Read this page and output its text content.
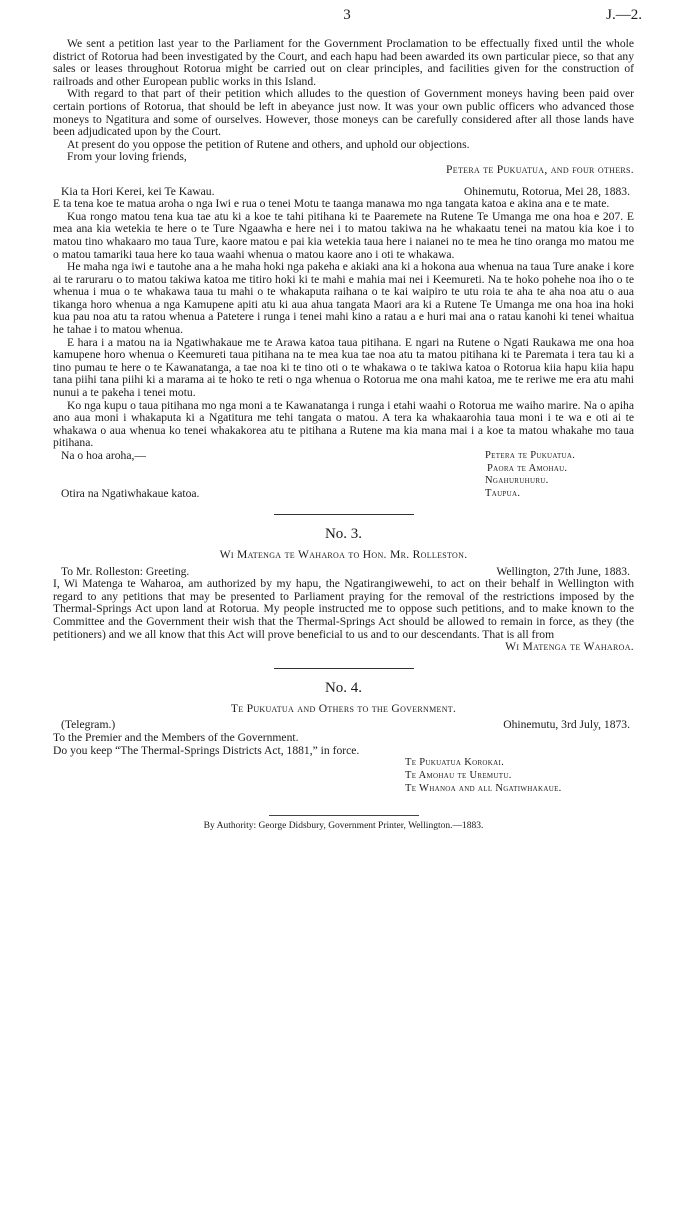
3	J.—2.

We sent a petition last year to the Parliament for the Government Proclamation to be effectually fixed until the whole district of Rotorua had been investigated by the Court, and each hapu had been awarded its own particular piece, so that any sales or leases throughout Rotorua might be carried out on clear principles, and facilities given for the construction of railroads and other European public works in this Island.

With regard to that part of their petition which alludes to the question of Government moneys having been paid over certain portions of Rotorua, that should be left in abeyance just now. It was your own public officers who advanced those moneys to Ngatitura and some of ourselves. However, those moneys can be carefully considered after all those lands have been adjudicated upon by the Court.

At present do you oppose the petition of Rutene and others, and uphold our objections.

From your loving friends,

Petera te Pukuatua, and four others.

Kia ta Hori Kerei, kei Te Kawau.	Ohinemutu, Rotorua, Mei 28, 1883.

E ta tena koe te matua aroha o nga Iwi e rua o tenei Motu te taanga manawa mo nga tangata katoa e akina ana e te mate.

Kua rongo matou tena kua tae atu ki a koe te tahi pitihana ki te Paaremete na Rutene Te Umanga me ona hoa e 207. E mea ana kia wetekia te here o te Ture Ngaawha e here nei i to matou takiwa na he whakaatu tenei na matou kia koe i to matou tino whakaaro mo taua Ture, kaore matou e pai kia wetekia taua here i naianei no te mea he tino oranga mo matou me o matou tamariki taua here ko taua waahi whenua o matou kaore ano i oti te whakawa.

He maha nga iwi e tautohe ana a he maha hoki nga pakeha e akiaki ana ki a hokona aua whenua na taua Ture anake i kore ai te raruraru o to matou takiwa katoa me titiro hoki ki te mahi e mahia mai nei i Keemureti. Na te hoko pohehe noa iho o te whenua i mua o te whakawa taua tu mahi o te whakaputa raihana o te kai waipiro te utu roia te aha te aha noa atu o aua tikanga horo whenua a nga Kamupene apiti atu ki aua ahua tangata Maori ara ki a Rutene Te Umanga me ona hoa ina hoki kua pau noa atu ta ratou whenua a Patetere i runga i tenei mahi kino a ratau a e huri mai ana o ratau kanohi ki tenei whaitua he tahae i to matou whenua.

E hara i a matou na ia Ngatiwhakaue me te Arawa katoa taua pitihana. E ngari na Rutene o Ngati Raukawa me ona hoa kamupene horo whenua o Keemureti taua pitihana na te mea kua tae noa atu ta matou pitihana ki te Paremata i tera tau ki a tino pumau te here o te Kawanatanga, a tae noa ki te tino oti o te whakawa o te takiwa katoa o Rotorua kiia hapu kiia hapu tana piihi tana piihi ki a marama ai te hoko te reti o nga whenua o Rotorua me ona mahi katoa, me te reriwe me era atu mahi nunui a te pakeha i tenei motu.

Ko nga kupu o taua pitihana mo nga moni a te Kawanatanga i runga i etahi waahi o Rotorua me waiho marire. Na o apiha ano aua moni i whakaputa ki a Ngatitura me tehi tangata o matou. A tera ka whakaarohia taua moni i te wa e oti ai te whakawa o aua whenua ko tenei whakakorea atu te pitihana a Rutene ma kia mana mai i a koe ta matou whakahe mo taua pitihana.

Na o hoa aroha,—
Otira na Ngatiwhakaue katoa.
Petera te Pukuatua.
Paora te Amohau.
Ngahuruhuru.
Taupua.
No. 3.
Wi Matenga te Waharoa to Hon. Mr. Rolleston.
To Mr. Rolleston: Greeting.	Wellington, 27th June, 1883.

I, Wi Matenga te Waharoa, am authorized by my hapu, the Ngatirangiwewehi, to act on their behalf in Wellington with regard to any petitions that may be presented to Parliament praying for the removal of the restrictions imposed by the Thermal-Springs Act upon land at Rotorua. My people instructed me to oppose such petitions, and to make known to the Committee and the Government their wish that the Thermal-Springs Act should be allowed to remain in force, as they (the petitioners) and we all know that this Act will prove beneficial to us and to our descendants. That is all from

Wi Matenga te Waharoa.

No. 4.
Te Pukuatua and Others to the Government.
(Telegram.)	Ohinemutu, 3rd July, 1873.

To the Premier and the Members of the Government.

Do you keep “The Thermal-Springs Districts Act, 1881,” in force.

Te Pukuatua Korokai.
Te Amohau te Uremutu.
Te Whanoa and all Ngatiwhakaue.
By Authority: George Didsbury, Government Printer, Wellington.—1883.
